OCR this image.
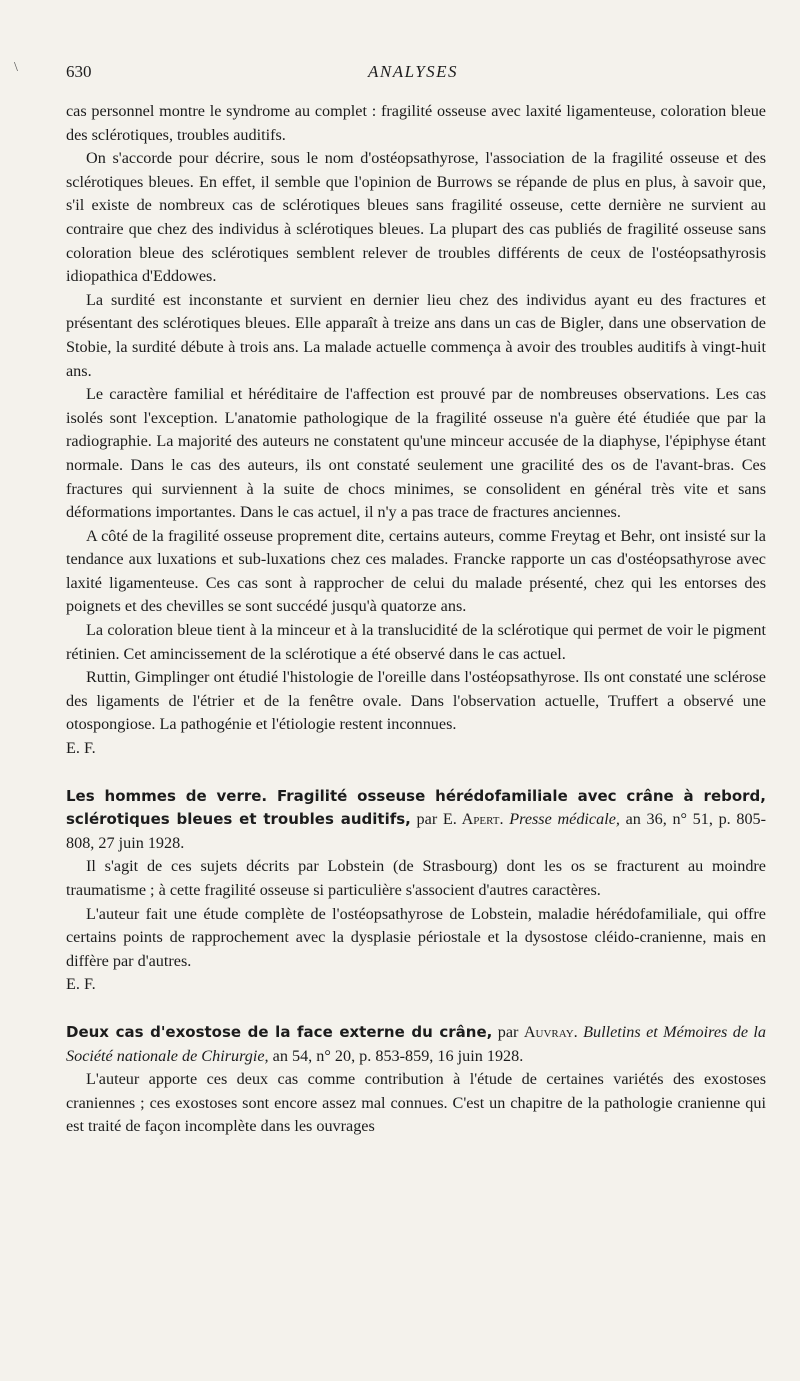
\	630	ANALYSES

cas personnel montre le syndrome au complet : fragilité osseuse avec laxité ligamenteuse, coloration bleue des sclérotiques, troubles auditifs.

On s'accorde pour décrire, sous le nom d'ostéopsathyrose, l'association de la fragilité osseuse et des sclérotiques bleues. En effet, il semble que l'opinion de Burrows se répande de plus en plus, à savoir que, s'il existe de nombreux cas de sclérotiques bleues sans fragilité osseuse, cette dernière ne survient au contraire que chez des individus à sclérotiques bleues. La plupart des cas publiés de fragilité osseuse sans coloration bleue des sclérotiques semblent relever de troubles différents de ceux de l'ostéopsathyrosis idiopathica d'Eddowes.

La surdité est inconstante et survient en dernier lieu chez des individus ayant eu des fractures et présentant des sclérotiques bleues. Elle apparaît à treize ans dans un cas de Bigler, dans une observation de Stobie, la surdité débute à trois ans. La malade actuelle commença à avoir des troubles auditifs à vingt-huit ans.

Le caractère familial et héréditaire de l'affection est prouvé par de nombreuses observations. Les cas isolés sont l'exception. L'anatomie pathologique de la fragilité osseuse n'a guère été étudiée que par la radiographie. La majorité des auteurs ne constatent qu'une minceur accusée de la diaphyse, l'épiphyse étant normale. Dans le cas des auteurs, ils ont constaté seulement une gracilité des os de l'avant-bras. Ces fractures qui surviennent à la suite de chocs minimes, se consolident en général très vite et sans déformations importantes. Dans le cas actuel, il n'y a pas trace de fractures anciennes.

A côté de la fragilité osseuse proprement dite, certains auteurs, comme Freytag et Behr, ont insisté sur la tendance aux luxations et sub-luxations chez ces malades. Francke rapporte un cas d'ostéopsathyrose avec laxité ligamenteuse. Ces cas sont à rapprocher de celui du malade présenté, chez qui les entorses des poignets et des chevilles se sont succédé jusqu'à quatorze ans.

La coloration bleue tient à la minceur et à la translucidité de la sclérotique qui permet de voir le pigment rétinien. Cet amincissement de la sclérotique a été observé dans le cas actuel.

Ruttin, Gimplinger ont étudié l'histologie de l'oreille dans l'ostéopsathyrose. Ils ont constaté une sclérose des ligaments de l'étrier et de la fenêtre ovale. Dans l'observation actuelle, Truffert a observé une otospongiose. La pathogénie et l'étiologie restent inconnues.

E. F.

Les hommes de verre. Fragilité osseuse hérédofamiliale avec crâne à rebord, sclérotiques bleues et troubles auditifs, par E. Apert. Presse médicale, an 36, n° 51, p. 805-808, 27 juin 1928.

Il s'agit de ces sujets décrits par Lobstein (de Strasbourg) dont les os se fracturent au moindre traumatisme ; à cette fragilité osseuse si particulière s'associent d'autres caractères.

L'auteur fait une étude complète de l'ostéopsathyrose de Lobstein, maladie hérédofamiliale, qui offre certains points de rapprochement avec la dysplasie périostale et la dysostose cléido-cranienne, mais en diffère par d'autres.

E. F.

Deux cas d'exostose de la face externe du crâne, par Auvray. Bulletins et Mémoires de la Société nationale de Chirurgie, an 54, n° 20, p. 853-859, 16 juin 1928.

L'auteur apporte ces deux cas comme contribution à l'étude de certaines variétés des exostoses craniennes ; ces exostoses sont encore assez mal connues. C'est un chapitre de la pathologie cranienne qui est traité de façon incomplète dans les ouvrages
